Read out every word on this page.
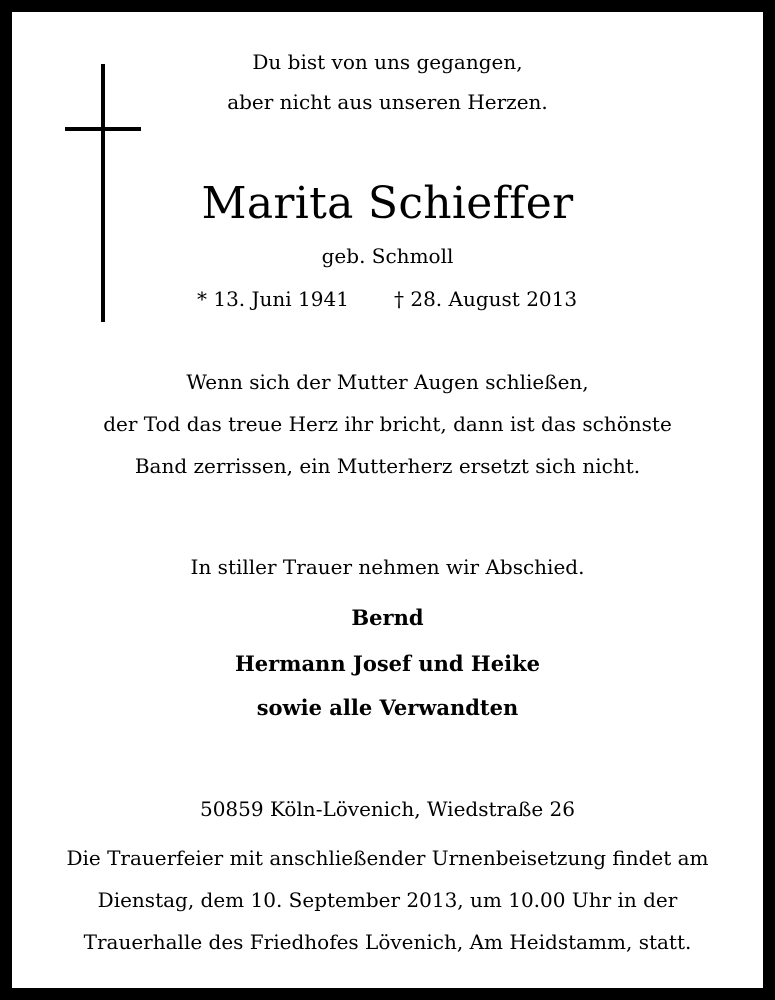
Du bist von uns gegangen,
aber nicht aus unseren Herzen.
Marita Schieffer
geb. Schmoll
* 13. Juni 1941 † 28. August 2013
Wenn sich der Mutter Augen schließen,
der Tod das treue Herz ihr bricht, dann ist das schönste
Band zerrissen, ein Mutterherz ersetzt sich nicht.
In stiller Trauer nehmen wir Abschied.
Bernd
Hermann Josef und Heike
sowie alle Verwandten
50859 Köln-Lövenich, Wiedstraße 26
Die Trauerfeier mit anschließender Urnenbeisetzung findet am
Dienstag, dem 10. September 2013, um 10.00 Uhr in der
Trauerhalle des Friedhofes Lövenich, Am Heidstamm, statt.
